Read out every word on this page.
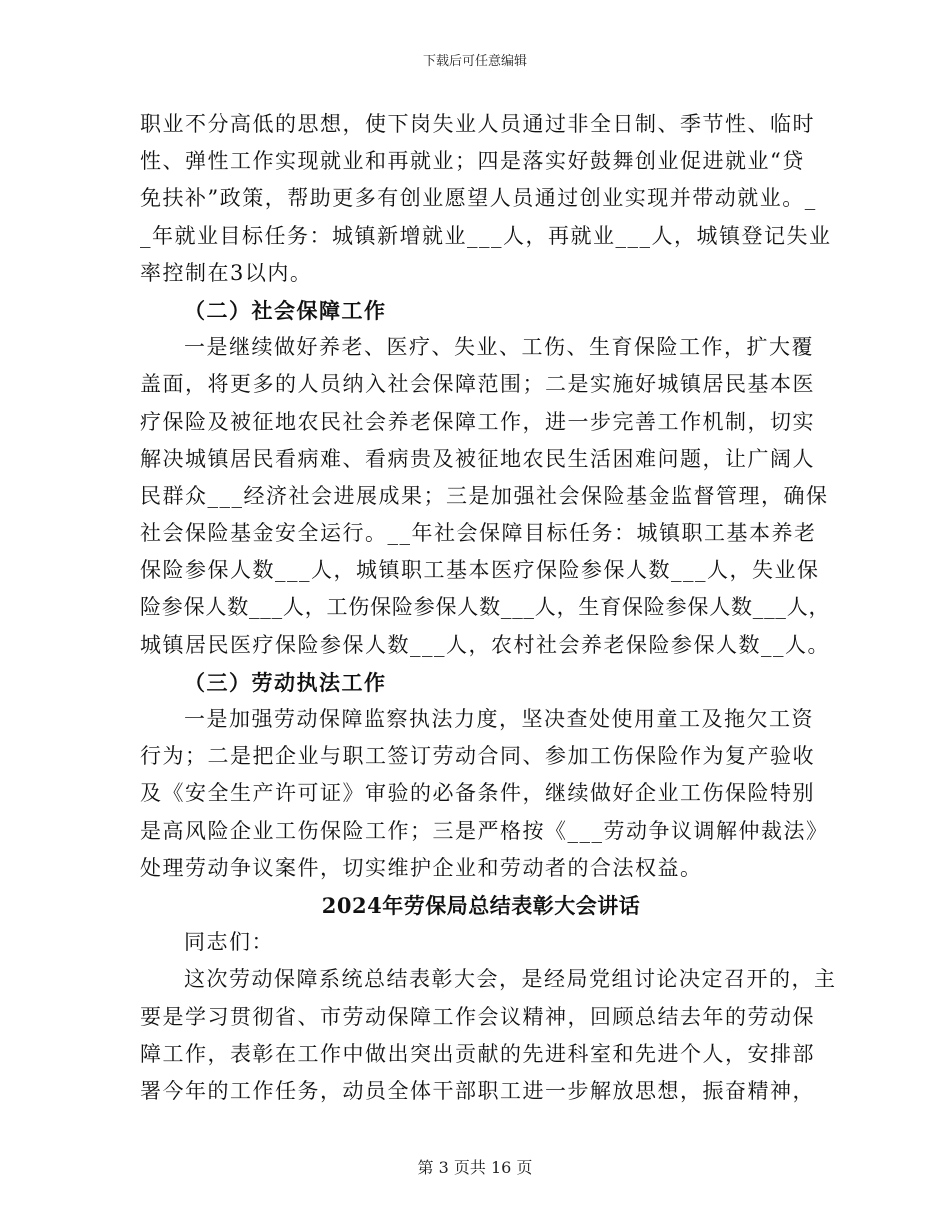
下载后可任意编辑
职业不分高低的思想，使下岗失业人员通过非全日制、季节性、临时
性、弹性工作实现就业和再就业；四是落实好鼓舞创业促进就业“贷
免扶补”政策，帮助更多有创业愿望人员通过创业实现并带动就业。_
_年就业目标任务：城镇新增就业___人，再就业___人，城镇登记失业
率控制在3以内。
（二）社会保障工作
一是继续做好养老、医疗、失业、工伤、生育保险工作，扩大覆
盖面，将更多的人员纳入社会保障范围；二是实施好城镇居民基本医
疗保险及被征地农民社会养老保障工作，进一步完善工作机制，切实
解决城镇居民看病难、看病贵及被征地农民生活困难问题，让广阔人
民群众___经济社会进展成果；三是加强社会保险基金监督管理，确保
社会保险基金安全运行。__年社会保障目标任务：城镇职工基本养老
保险参保人数___人，城镇职工基本医疗保险参保人数___人，失业保
险参保人数___人，工伤保险参保人数___人，生育保险参保人数___人，
城镇居民医疗保险参保人数___人，农村社会养老保险参保人数__人。
（三）劳动执法工作
一是加强劳动保障监察执法力度，坚决查处使用童工及拖欠工资
行为；二是把企业与职工签订劳动合同、参加工伤保险作为复产验收
及《安全生产许可证》审验的必备条件，继续做好企业工伤保险特别
是高风险企业工伤保险工作；三是严格按《___劳动争议调解仲裁法》
处理劳动争议案件，切实维护企业和劳动者的合法权益。
2024年劳保局总结表彰大会讲话
同志们：
这次劳动保障系统总结表彰大会，是经局党组讨论决定召开的，主
要是学习贯彻省、市劳动保障工作会议精神，回顾总结去年的劳动保
障工作，表彰在工作中做出突出贡献的先进科室和先进个人，安排部
署今年的工作任务，动员全体干部职工进一步解放思想，振奋精神，
第 3 页共 16 页
